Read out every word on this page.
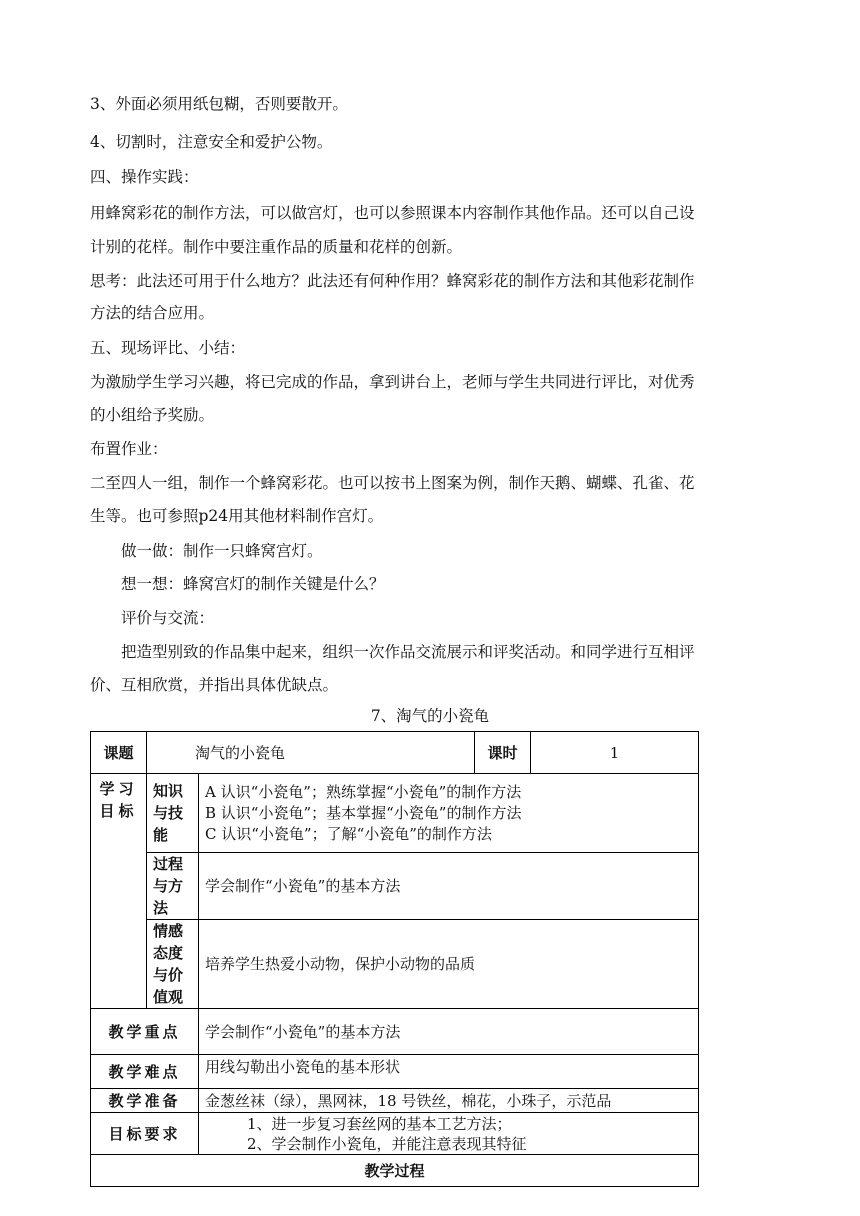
3、外面必须用纸包糊，否则要散开。
4、切割时，注意安全和爱护公物。
四、操作实践：
用蜂窝彩花的制作方法，可以做宫灯，也可以参照课本内容制作其他作品。还可以自己设
计别的花样。制作中要注重作品的质量和花样的创新。
思考：此法还可用于什么地方？此法还有何种作用？蜂窝彩花的制作方法和其他彩花制作
方法的结合应用。
五、现场评比、小结：
为激励学生学习兴趣，将已完成的作品，拿到讲台上，老师与学生共同进行评比，对优秀
的小组给予奖励。
布置作业：
二至四人一组，制作一个蜂窝彩花。也可以按书上图案为例，制作天鹅、蝴蝶、孔雀、花
生等。也可参照p24用其他材料制作宫灯。
做一做：制作一只蜂窝宫灯。
想一想：蜂窝宫灯的制作关键是什么？
评价与交流：
把造型别致的作品集中起来，组织一次作品交流展示和评奖活动。和同学进行互相评
价、互相欣赏，并指出具体优缺点。
7、淘气的小瓷龟
课题	淘气的小瓷龟		课时	1
学习目标	知识与技能	A 认识“小瓷龟”；熟练掌握“小瓷龟”的制作方法
B 认识“小瓷龟”；基本掌握“小瓷龟”的制作方法
C 认识“小瓷龟”；了解“小瓷龟”的制作方法		

	过程与方法	学会制作“小瓷龟”的基本方法		
	情感态度与价值观	培养学生热爱小动物，保护小动物的品质		
教学重点		学会制作“小瓷龟”的基本方法		
教学难点		用线勾勒出小瓷龟的基本形状		
教学准备		金葱丝袜（绿），黑网袜，18 号铁丝，棉花，小珠子，示范品		
目标要求		1、进一步复习套丝网的基本工艺方法；
2、学会制作小瓷龟，并能注意表现其特征		

教学过程				
